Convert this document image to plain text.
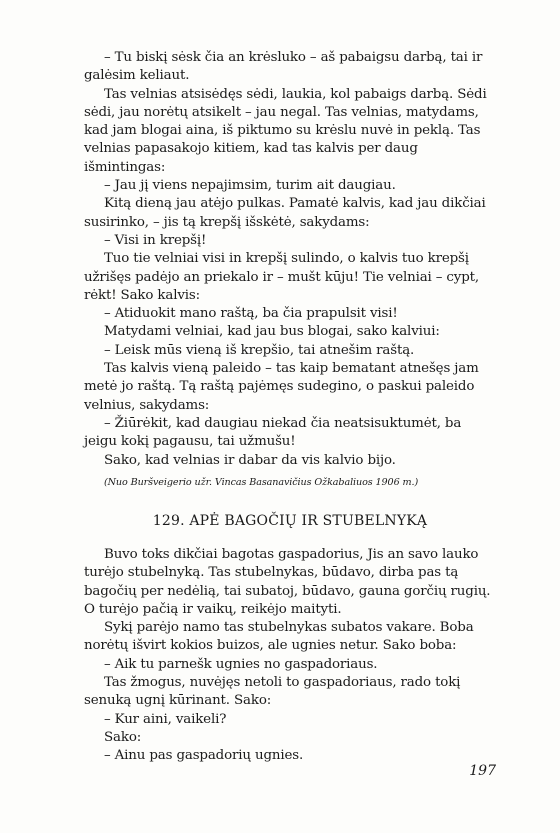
– Tu biskį sėsk čia an krėsluko – aš pabaigsu darbą, tai ir galėsim keliaut.

Tas velnias atsisėdęs sėdi, laukia, kol pabaigs darbą. Sėdi sėdi, jau norėtų atsikelt – jau negal. Tas velnias, matydams, kad jam blogai aina, iš piktumo su krėslu nuvė in peklą. Tas velnias papasakojo kitiem, kad tas kalvis per daug išmintingas:

– Jau jį viens nepajimsim, turim ait daugiau.

Kitą dieną jau atėjo pulkas. Pamatė kalvis, kad jau dikčiai susirinko, – jis tą krepšį išskėtė, sakydams:

– Visi in krepšį!

Tuo tie velniai visi in krepšį sulindo, o kalvis tuo krepšį užrišęs padėjo an priekalo ir – mušt kūju! Tie velniai – cypt, rėkt! Sako kalvis:

– Atiduokit mano raštą, ba čia prapulsit visi!

Matydami velniai, kad jau bus blogai, sako kalviui:

– Leisk mūs vieną iš krepšio, tai atnešim raštą.

Tas kalvis vieną paleido – tas kaip bematant atnešęs jam metė jo raštą. Tą raštą pajėmęs sudegino, o paskui paleido velnius, sakydams:

– Žiūrėkit, kad daugiau niekad čia neatsisuktumėt, ba jeigu kokį pagausu, tai užmušu!

Sako, kad velnias ir dabar da vis kalvio bijo.

(Nuo Buršveigerio užr. Vincas Basanavičius Ožkabaliuos 1906 m.)
129. APĖ BAGOČIŲ IR STUBELNYKĄ

Buvo toks dikčiai bagotas gaspadorius, Jis an savo lauko turėjo stubelnyką. Tas stubelnykas, būdavo, dirba pas tą bagočių per nedėlią, tai subatoj, būdavo, gauna gorčių rugių. O turėjo pačią ir vaikų, reikėjo maityti.

Sykį parėjo namo tas stubelnykas subatos vakare. Boba norėtų išvirt kokios buizos, ale ugnies netur. Sako boba:

– Aik tu parnešk ugnies no gaspadoriaus.

Tas žmogus, nuvėjęs netoli to gaspadoriaus, rado tokį senuką ugnį kūrinant. Sako:

– Kur aini, vaikeli?

Sako:

– Ainu pas gaspadorių ugnies.

197
